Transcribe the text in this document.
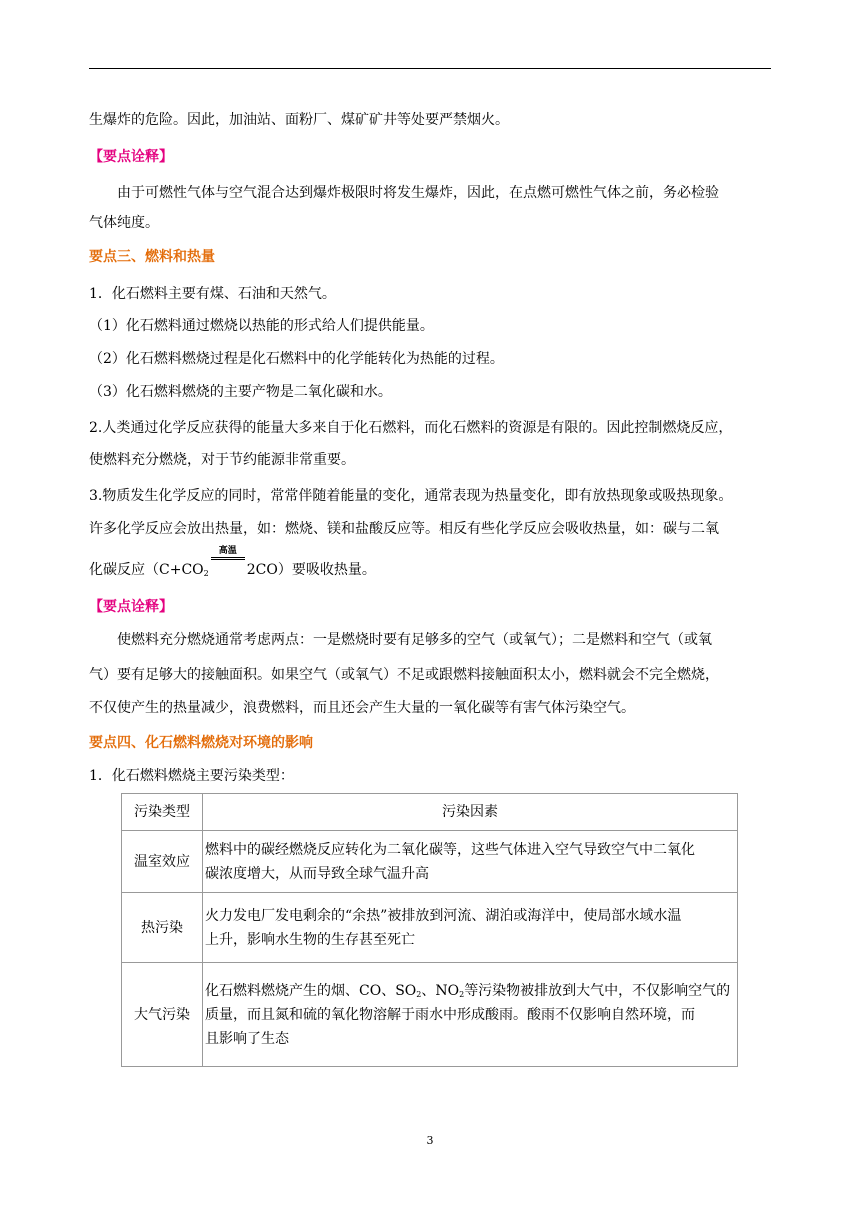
生爆炸的危险。因此，加油站、面粉厂、煤矿矿井等处要严禁烟火。
【要点诠释】
由于可燃性气体与空气混合达到爆炸极限时将发生爆炸，因此，在点燃可燃性气体之前，务必检验
气体纯度。
要点三、燃料和热量
1．化石燃料主要有煤、石油和天然气。
（1）化石燃料通过燃烧以热能的形式给人们提供能量。
（2）化石燃料燃烧过程是化石燃料中的化学能转化为热能的过程。
（3）化石燃料燃烧的主要产物是二氧化碳和水。
2.人类通过化学反应获得的能量大多来自于化石燃料，而化石燃料的资源是有限的。因此控制燃烧反应，
使燃料充分燃烧，对于节约能源非常重要。
3.物质发生化学反应的同时，常常伴随着能量的变化，通常表现为热量变化，即有放热现象或吸热现象。
许多化学反应会放出热量，如：燃烧、镁和盐酸反应等。相反有些化学反应会吸收热量，如：碳与二氧
化碳反应（$C+CO_2$
高温
2CO）要吸收热量。
【要点诠释】
使燃料充分燃烧通常考虑两点：一是燃烧时要有足够多的空气（或氧气）；二是燃料和空气（或氧
气）要有足够大的接触面积。如果空气（或氧气）不足或跟燃料接触面积太小，燃料就会不完全燃烧，
不仅使产生的热量减少，浪费燃料，而且还会产生大量的一氧化碳等有害气体污染空气。
要点四、化石燃料燃烧对环境的影响
1．化石燃料燃烧主要污染类型：
污染类型	污染因素
温室效应	燃料中的碳经燃烧反应转化为二氧化碳等，这些气体进入空气导致空气中二氧化
碳浓度增大，从而导致全球气温升高

热污染	火力发电厂发电剩余的“余热”被排放到河流、湖泊或海洋中，使局部水域水温
上升，影响水生物的生存甚至死亡

大气污染	化石燃料燃烧产生的烟、CO、$SO_2$、$NO_2$等污染物被排放到大气中，不仅影响空气的
质量，而且氮和硫的氧化物溶解于雨水中形成酸雨。酸雨不仅影响自然环境，而
且影响了生态
3
